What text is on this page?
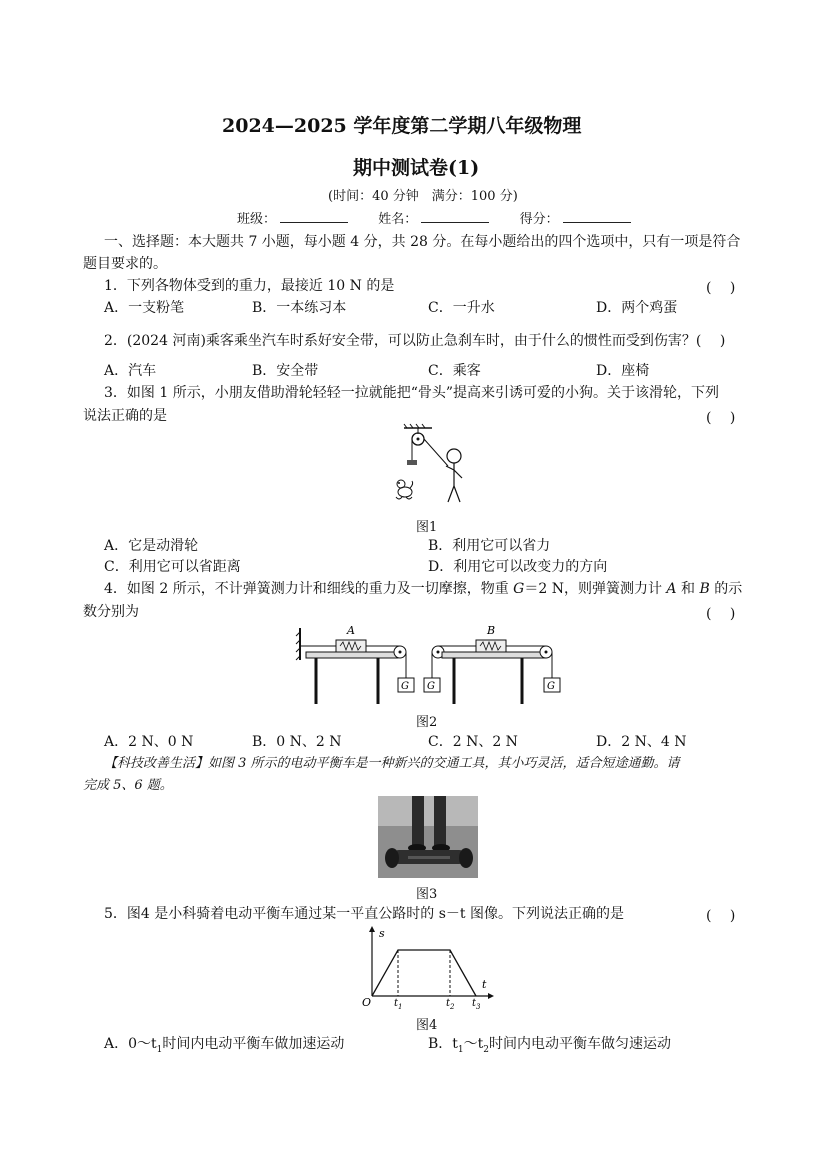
2024—2025 学年度第二学期八年级物理
期中测试卷(1)
(时间：40 分钟　满分：100 分)
班级：	姓名：	得分：
一、选择题：本大题共 7 小题，每小题 4 分，共 28 分。在每小题给出的四个选项中，只有一项是符合
题目要求的。
1．下列各物体受到的重力，最接近 10 N 的是	(　 )
A．一支粉笔	B．一本练习本	C．一升水	D．两个鸡蛋
2．(2024 河南)乘客乘坐汽车时系好安全带，可以防止急刹车时，由于什么的惯性而受到伤害？(　 )
A．汽车	B．安全带	C．乘客	D．座椅
3．如图 1 所示，小朋友借助滑轮轻轻一拉就能把“骨头”提高来引诱可爱的小狗。关于该滑轮，下列
说法正确的是	(　 )
图1
A．它是动滑轮	B．利用它可以省力
C．利用它可以省距离	D．利用它可以改变力的方向
4．如图 2 所示，不计弹簧测力计和细线的重力及一切摩擦，物重 G＝2 N，则弹簧测力计 A 和 B 的示
数分别为	(　 )
A	B
G G	G
图2
A．2 N、0 N	B．0 N、2 N	C．2 N、2 N	D．2 N、4 N
【科技改善生活】如图 3 所示的电动平衡车是一种新兴的交通工具，其小巧灵活，适合短途通勤。请
完成 5、6 题。
图3
5．图4 是小科骑着电动平衡车通过某一平直公路时的 s－t 图像。下列说法正确的是	(　 )
s
t
O $t_1$	$t_2$ $t_3$
图4
A．$0\sim t_1$时间内电动平衡车做加速运动	B．$t_1\sim t_2$时间内电动平衡车做匀速运动
